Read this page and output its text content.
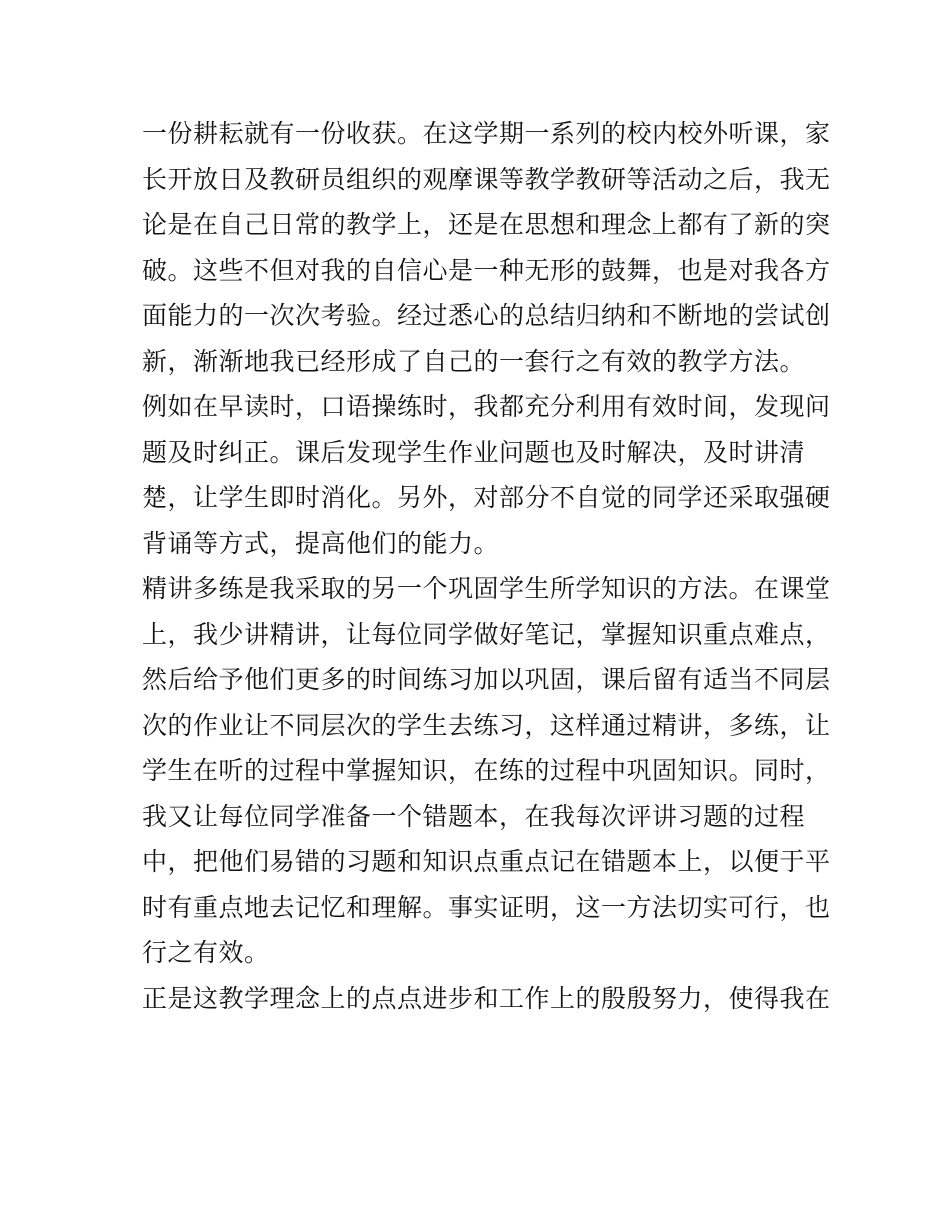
一份耕耘就有一份收获。在这学期一系列的校内校外听课，家
长开放日及教研员组织的观摩课等教学教研等活动之后，我无
论是在自己日常的教学上，还是在思想和理念上都有了新的突
破。这些不但对我的自信心是一种无形的鼓舞，也是对我各方
面能力的一次次考验。经过悉心的总结归纳和不断地的尝试创
新，渐渐地我已经形成了自己的一套行之有效的教学方法。
例如在早读时，口语操练时，我都充分利用有效时间，发现问
题及时纠正。课后发现学生作业问题也及时解决，及时讲清
楚，让学生即时消化。另外，对部分不自觉的同学还采取强硬
背诵等方式，提高他们的能力。
精讲多练是我采取的另一个巩固学生所学知识的方法。在课堂
上，我少讲精讲，让每位同学做好笔记，掌握知识重点难点，
然后给予他们更多的时间练习加以巩固，课后留有适当不同层
次的作业让不同层次的学生去练习，这样通过精讲，多练，让
学生在听的过程中掌握知识，在练的过程中巩固知识。同时，
我又让每位同学准备一个错题本，在我每次评讲习题的过程
中，把他们易错的习题和知识点重点记在错题本上，以便于平
时有重点地去记忆和理解。事实证明，这一方法切实可行，也
行之有效。
正是这教学理念上的点点进步和工作上的殷殷努力，使得我在
